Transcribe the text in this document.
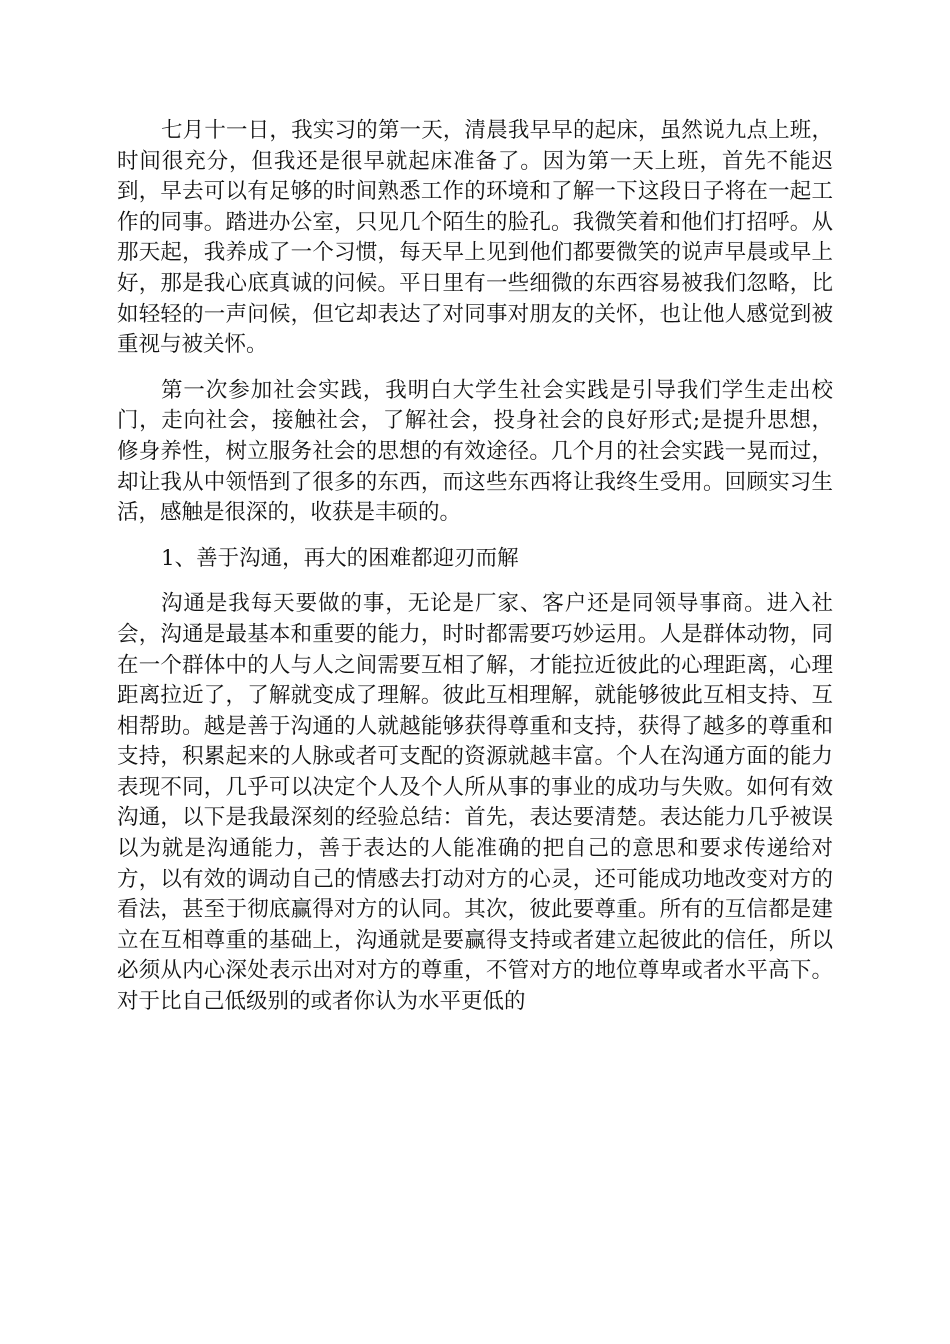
七月十一日，我实习的第一天，清晨我早早的起床，虽然说九点上班，时间很充分，但我还是很早就起床准备了。因为第一天上班，首先不能迟到，早去可以有足够的时间熟悉工作的环境和了解一下这段日子将在一起工作的同事。踏进办公室，只见几个陌生的脸孔。我微笑着和他们打招呼。从那天起，我养成了一个习惯，每天早上见到他们都要微笑的说声早晨或早上好，那是我心底真诚的问候。平日里有一些细微的东西容易被我们忽略，比如轻轻的一声问候，但它却表达了对同事对朋友的关怀，也让他人感觉到被重视与被关怀。

第一次参加社会实践，我明白大学生社会实践是引导我们学生走出校门，走向社会，接触社会，了解社会，投身社会的良好形式;是提升思想，修身养性，树立服务社会的思想的有效途径。几个月的社会实践一晃而过，却让我从中领悟到了很多的东西，而这些东西将让我终生受用。回顾实习生活，感触是很深的，收获是丰硕的。

1、善于沟通，再大的困难都迎刃而解

沟通是我每天要做的事，无论是厂家、客户还是同领导事商。进入社会，沟通是最基本和重要的能力，时时都需要巧妙运用。人是群体动物，同在一个群体中的人与人之间需要互相了解，才能拉近彼此的心理距离，心理距离拉近了，了解就变成了理解。彼此互相理解，就能够彼此互相支持、互相帮助。越是善于沟通的人就越能够获得尊重和支持，获得了越多的尊重和支持，积累起来的人脉或者可支配的资源就越丰富。个人在沟通方面的能力表现不同，几乎可以决定个人及个人所从事的事业的成功与失败。如何有效沟通，以下是我最深刻的经验总结：首先，表达要清楚。表达能力几乎被误以为就是沟通能力，善于表达的人能准确的把自己的意思和要求传递给对方，以有效的调动自己的情感去打动对方的心灵，还可能成功地改变对方的看法，甚至于彻底赢得对方的认同。其次，彼此要尊重。所有的互信都是建立在互相尊重的基础上，沟通就是要赢得支持或者建立起彼此的信任，所以必须从内心深处表示出对对方的尊重，不管对方的地位尊卑或者水平高下。对于比自己低级别的或者你认为水平更低的
